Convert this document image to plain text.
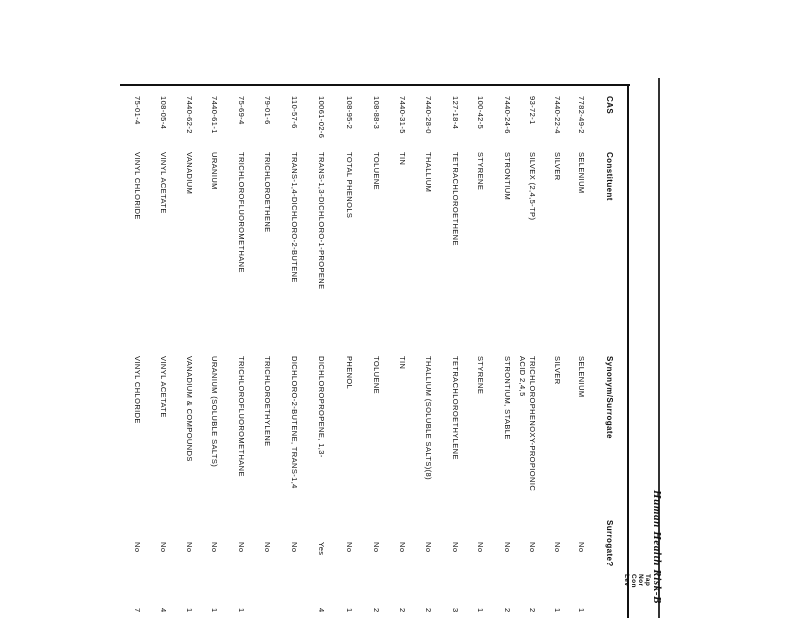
Human Health Risk-B
CAS
Constituent
Synonym/Surrogate
Surrogate?
Tap
Nor
Con
Lev
7782-49-2
SELENIUM
SELENIUM
No
1
7440-22-4
SILVER
SILVER
No
1
93-72-1
SILVEX (2,4,5-TP)
TRICHLOROPHENOXY-PROPIONIC
No
2
ACID 2,4,5
7440-24-6
STRONTIUM
STRONTIUM, STABLE
No
2
100-42-5
STYRENE
STYRENE
No
1
127-18-4
TETRACHLOROETHENE
TETRACHLOROETHYLENE
No
3
7440-28-0
THALLIUM
THALLIUM (SOLUBLE SALTS)(8)
No
2
7440-31-5
TIN
TIN
No
2
108-88-3
TOLUENE
TOLUENE
No
2
108-95-2
TOTAL PHENOLS
PHENOL
No
1
10061-02-6
TRANS-1,3-DICHLORO-1-PROPENE
DICHLOROPROPENE, 1,3-
Yes
4
110-57-6
TRANS-1,4-DICHLORO-2-BUTENE
DICHLORO-2-BUTENE, TRANS-1,4
No
79-01-6
TRICHLOROETHENE
TRICHLOROETHYLENE
No
75-69-4
TRICHLOROFLUOROMETHANE
TRICHLOROFLUOROMETHANE
No
1
7440-61-1
URANIUM
URANIUM (SOLUBLE SALTS)
No
1
7440-62-2
VANADIUM
VANADIUM & COMPOUNDS
No
1
108-05-4
VINYL ACETATE
VINYL ACETATE
No
4
75-01-4
VINYL CHLORIDE
VINYL CHLORIDE
No
7
